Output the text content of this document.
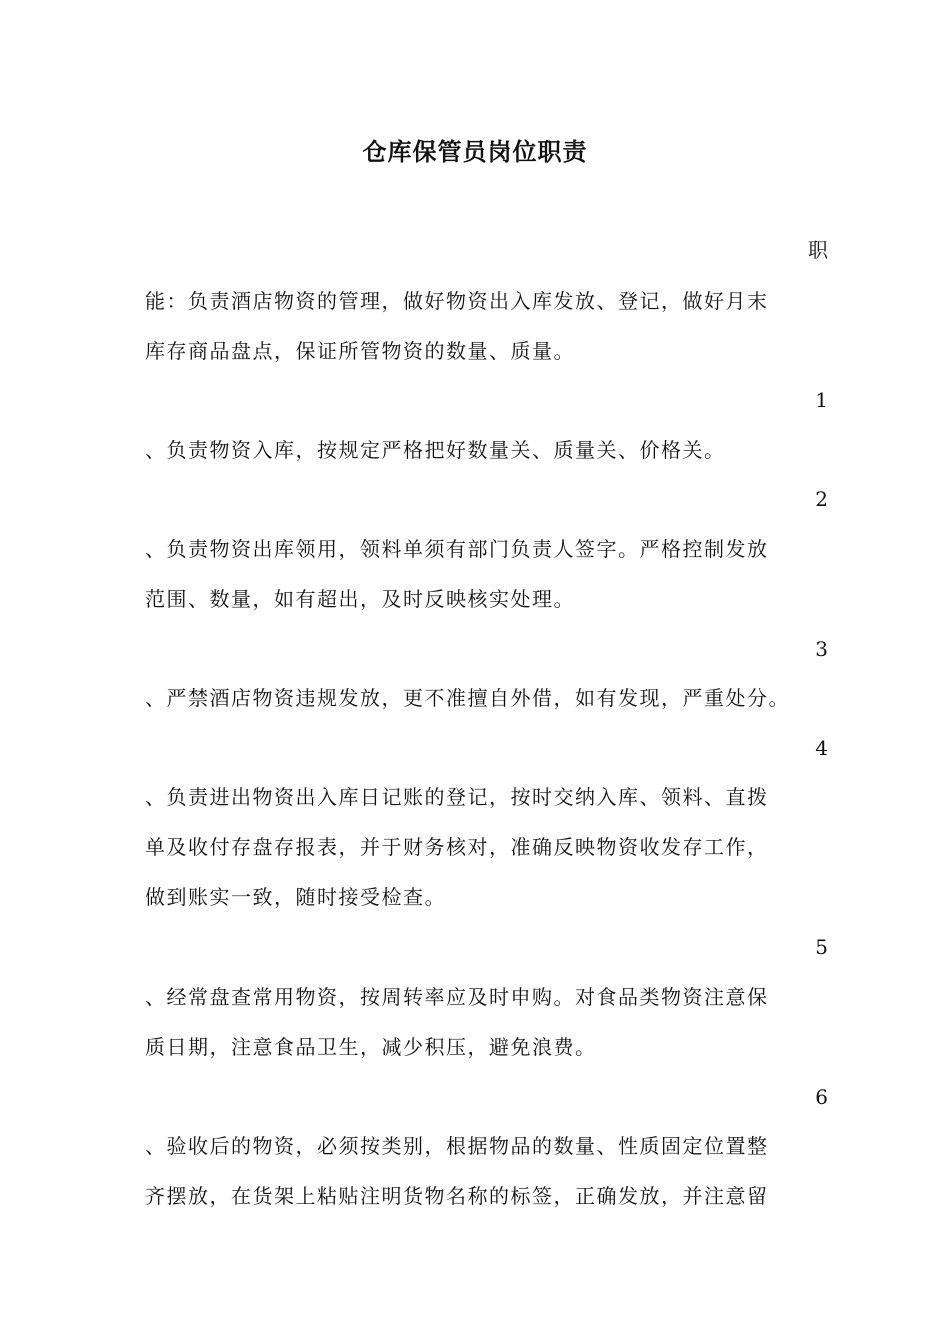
仓库保管员岗位职责
职
能：负责酒店物资的管理，做好物资出入库发放、登记，做好月末
库存商品盘点，保证所管物资的数量、质量。
1
、负责物资入库，按规定严格把好数量关、质量关、价格关。
2
、负责物资出库领用，领料单须有部门负责人签字。严格控制发放
范围、数量，如有超出，及时反映核实处理。
3
、严禁酒店物资违规发放，更不准擅自外借，如有发现，严重处分。
4
、负责进出物资出入库日记账的登记，按时交纳入库、领料、直拨
单及收付存盘存报表，并于财务核对，准确反映物资收发存工作，
做到账实一致，随时接受检查。
5
、经常盘查常用物资，按周转率应及时申购。对食品类物资注意保
质日期，注意食品卫生，减少积压，避免浪费。
6
、验收后的物资，必须按类别，根据物品的数量、性质固定位置整
齐摆放，在货架上粘贴注明货物名称的标签，正确发放，并注意留
